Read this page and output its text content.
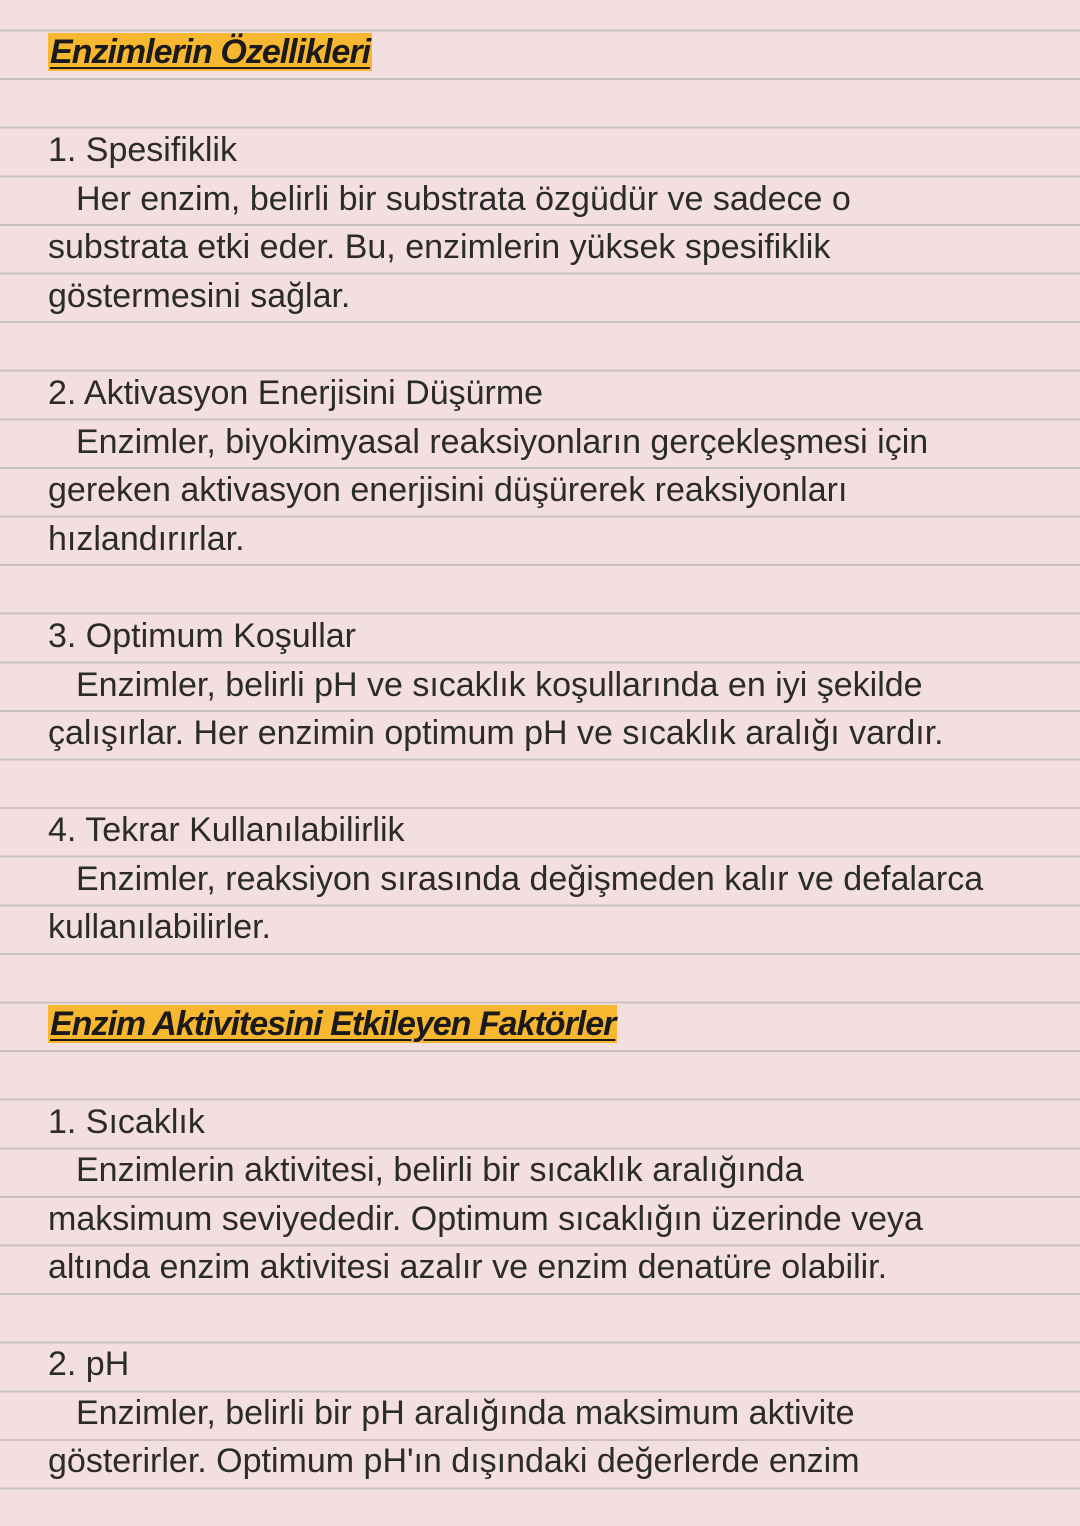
Enzimlerin Özellikleri
1. Spesifiklik
Her enzim, belirli bir substrata özgüdür ve sadece o
substrata etki eder. Bu, enzimlerin yüksek spesifiklik
göstermesini sağlar.
2. Aktivasyon Enerjisini Düşürme
Enzimler, biyokimyasal reaksiyonların gerçekleşmesi için
gereken aktivasyon enerjisini düşürerek reaksiyonları
hızlandırırlar.
3. Optimum Koşullar
Enzimler, belirli pH ve sıcaklık koşullarında en iyi şekilde
çalışırlar. Her enzimin optimum pH ve sıcaklık aralığı vardır.
4. Tekrar Kullanılabilirlik
Enzimler, reaksiyon sırasında değişmeden kalır ve defalarca
kullanılabilirler.
Enzim Aktivitesini Etkileyen Faktörler
1. Sıcaklık
Enzimlerin aktivitesi, belirli bir sıcaklık aralığında
maksimum seviyededir. Optimum sıcaklığın üzerinde veya
altında enzim aktivitesi azalır ve enzim denatüre olabilir.
2. pH
Enzimler, belirli bir pH aralığında maksimum aktivite
gösterirler. Optimum pH'ın dışındaki değerlerde enzim
